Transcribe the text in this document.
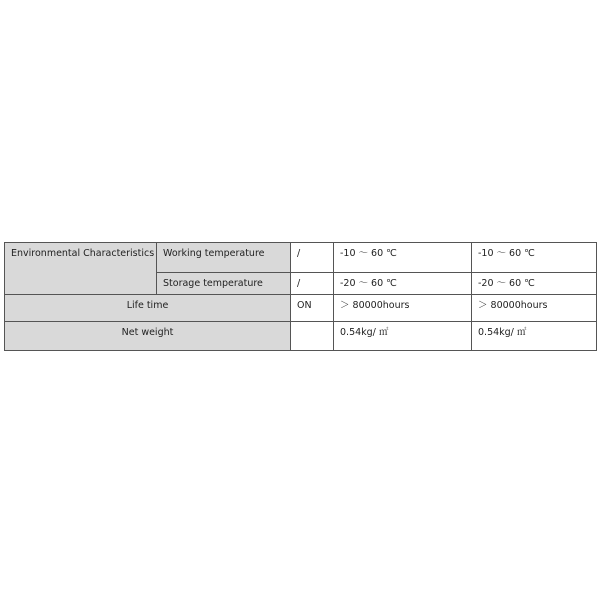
Environmental Characteristics	Working temperature	/	-10 ～ 60 ℃	-10 ～ 60 ℃
	Storage temperature	/	-20 ～ 60 ℃	-20 ～ 60 ℃
Life time		ON	＞ 80000hours	＞ 80000hours
Net weight			0.54kg/ ㎡	0.54kg/ ㎡
